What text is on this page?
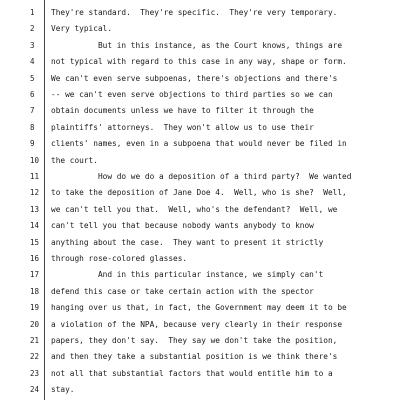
1	They're standard.  They're specific.  They're very temporary.
2	Very typical.
3	But in this instance, as the Court knows, things are
4	not typical with regard to this case in any way, shape or form.
5	We can't even serve subpoenas, there's objections and there's
6	-- we can't even serve objections to third parties so we can
7	obtain documents unless we have to filter it through the
8	plaintiffs' attorneys.  They won't allow us to use their
9	clients' names, even in a subpoena that would never be filed in
10	the court.
11	How do we do a deposition of a third party?  We wanted
12	to take the deposition of Jane Doe 4.  Well, who is she?  Well,
13	we can't tell you that.  Well, who's the defendant?  Well, we
14	can't tell you that because nobody wants anybody to know
15	anything about the case.  They want to present it strictly
16	through rose-colored glasses.
17	And in this particular instance, we simply can't
18	defend this case or take certain action with the spector
19	hanging over us that, in fact, the Government may deem it to be
20	a violation of the NPA, because very clearly in their response
21	papers, they don't say.  They say we don't take the position,
22	and then they take a substantial position is we think there's
23	not all that substantial factors that would entitle him to a
24	stay.
